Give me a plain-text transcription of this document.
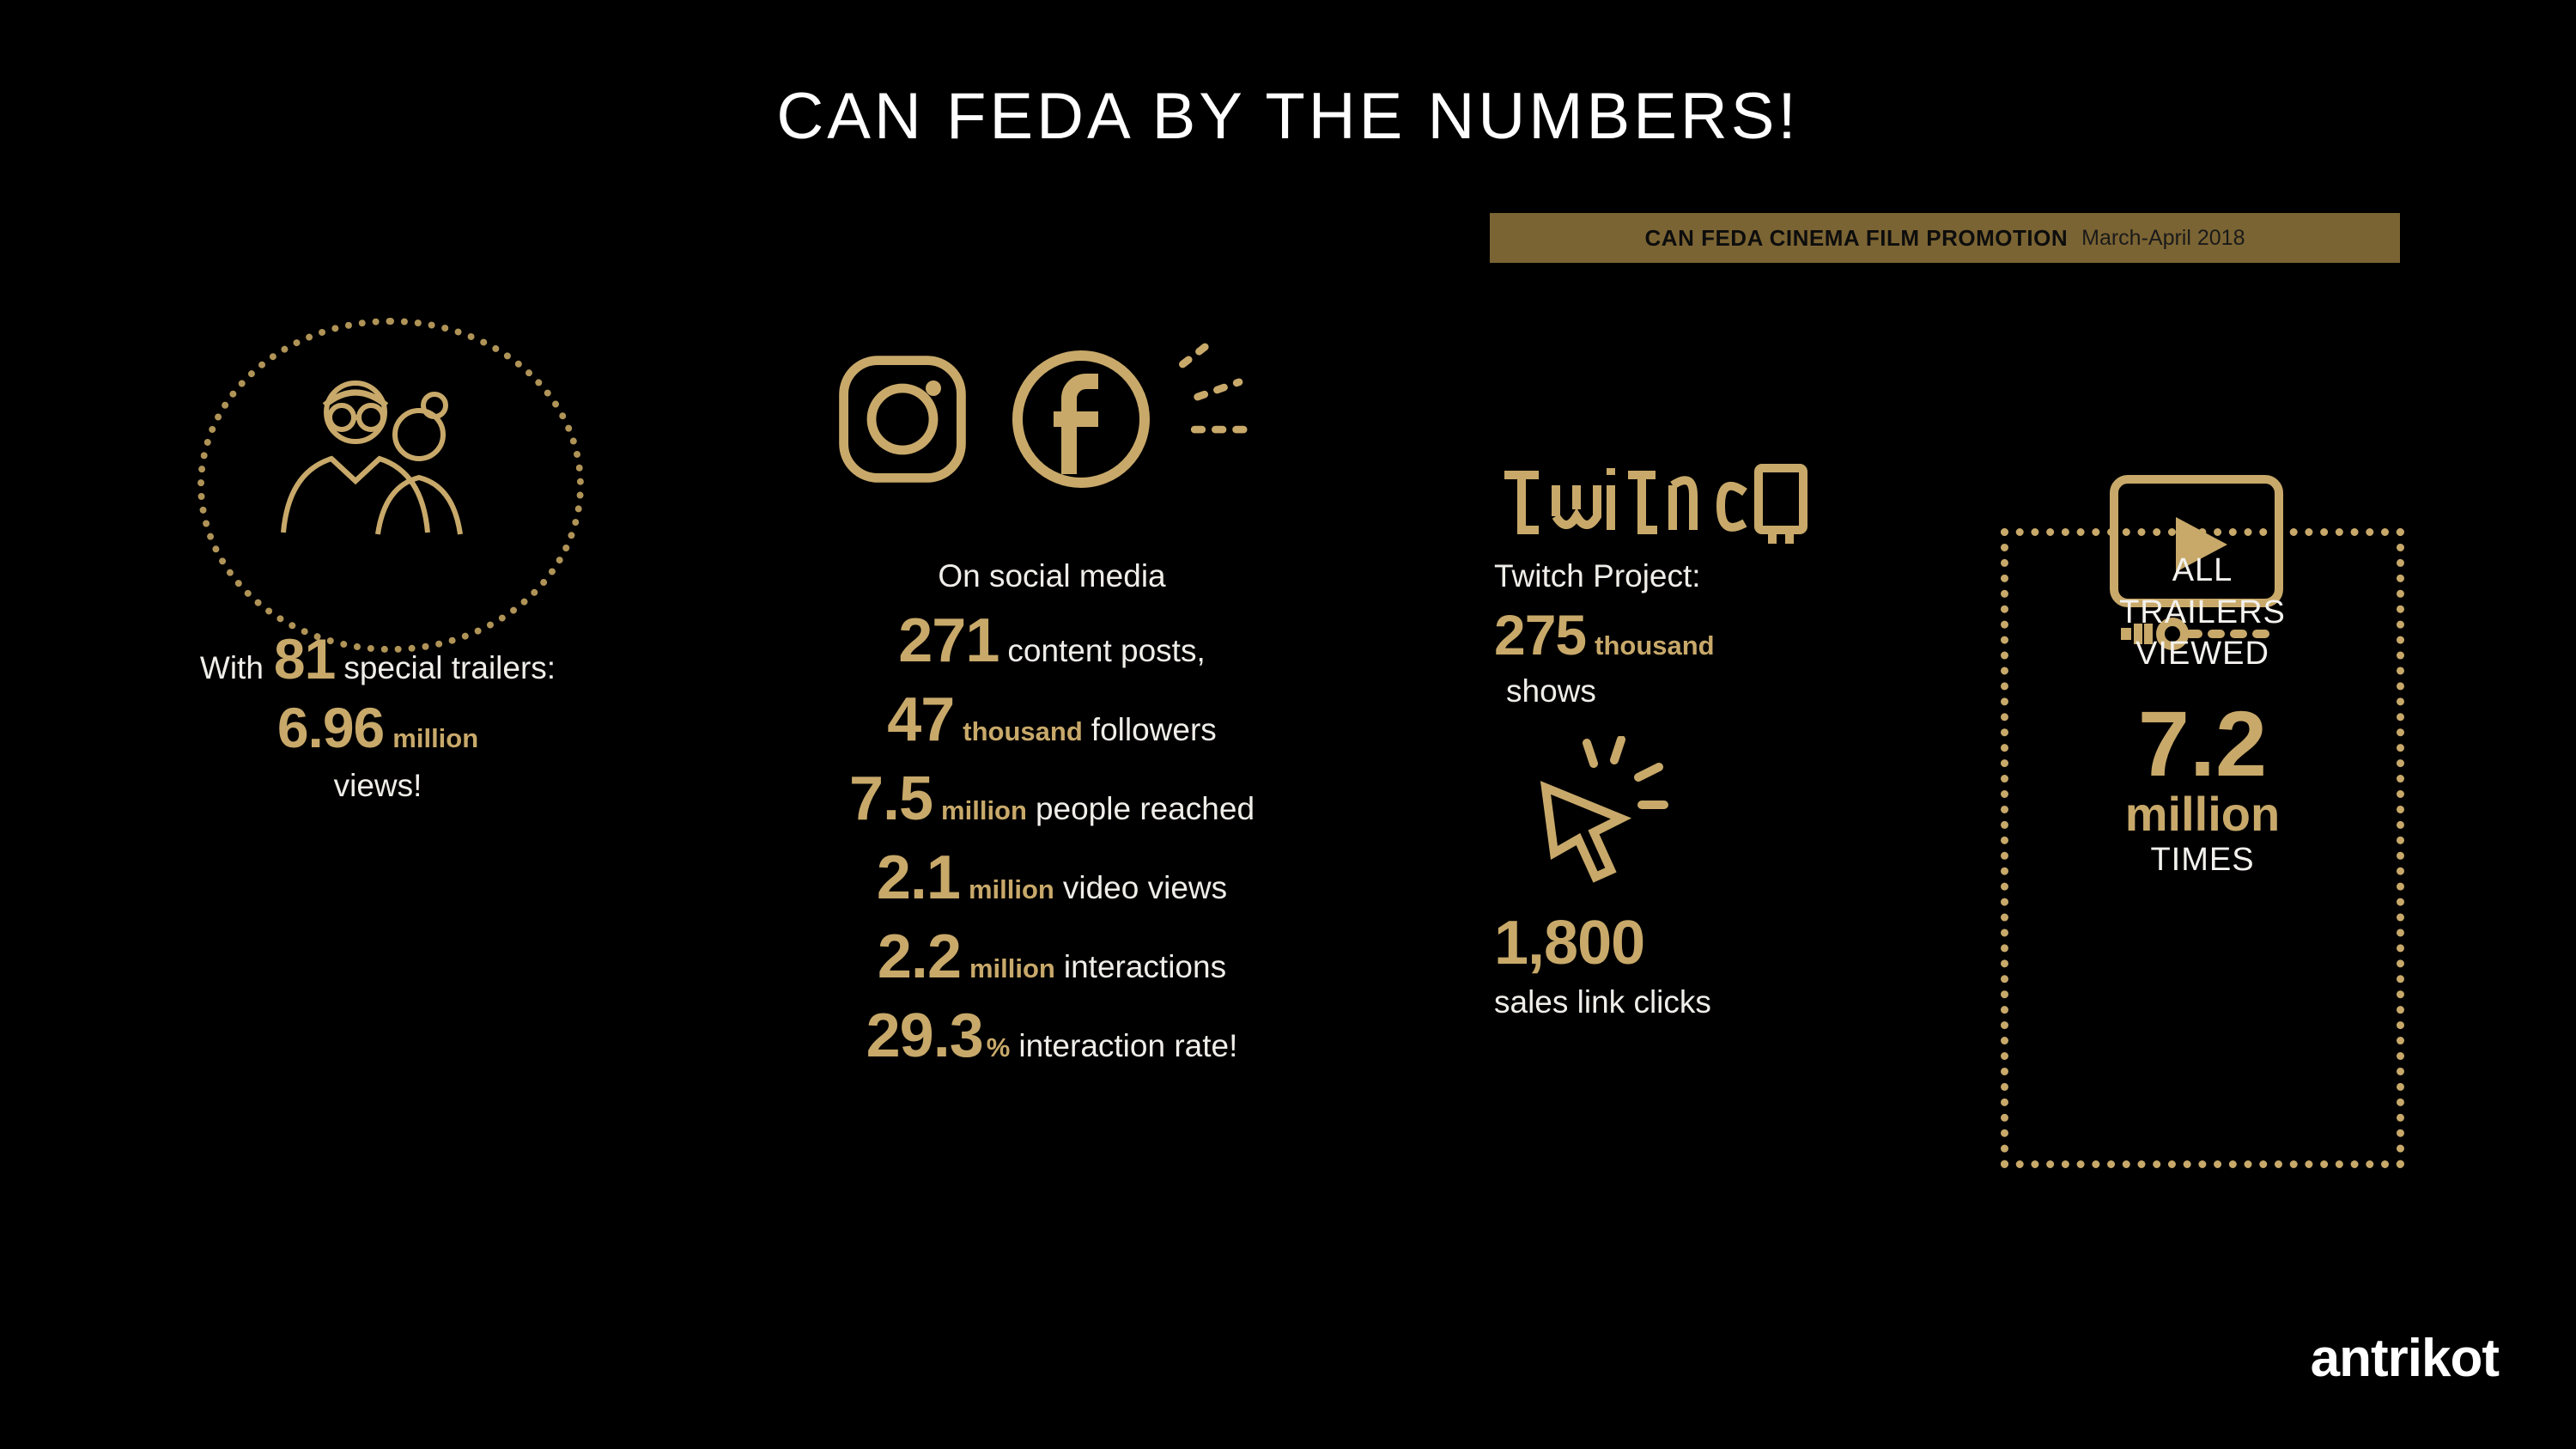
CAN FEDA BY THE NUMBERS!
CAN FEDA CINEMA FILM PROMOTION March-April 2018
With 81 special trailers:
6.96 million
views!
On social media
271 content posts,
47 thousand followers
7.5 million people reached
2.1 million video views
2.2 million interactions
29.3 % interaction rate!
Twitch Project:
275 thousand
shows
1,800
sales link clicks
ALL
TRAILERS
VIEWED
7.2
million
TIMES
antrikot
